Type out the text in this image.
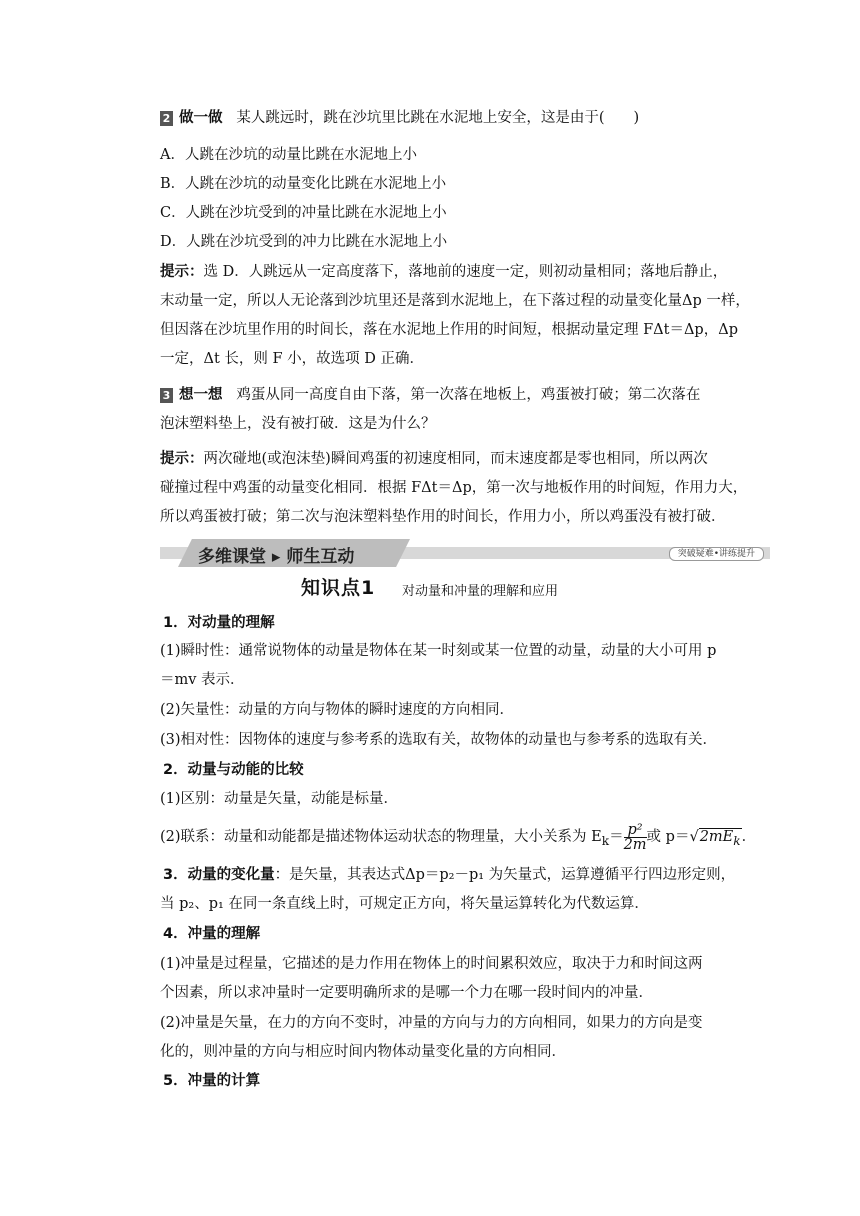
2 做一做 某人跳远时，跳在沙坑里比跳在水泥地上安全，这是由于(　　)
A．人跳在沙坑的动量比跳在水泥地上小
B．人跳在沙坑的动量变化比跳在水泥地上小
C．人跳在沙坑受到的冲量比跳在水泥地上小
D．人跳在沙坑受到的冲力比跳在水泥地上小
提示：选 D．人跳远从一定高度落下，落地前的速度一定，则初动量相同；落地后静止，
末动量一定，所以人无论落到沙坑里还是落到水泥地上，在下落过程的动量变化量Δp 一样，
但因落在沙坑里作用的时间长，落在水泥地上作用的时间短，根据动量定理 FΔt＝Δp，Δp
一定，Δt 长，则 F 小，故选项 D 正确．
3 想一想 鸡蛋从同一高度自由下落，第一次落在地板上，鸡蛋被打破；第二次落在
泡沫塑料垫上，没有被打破．这是为什么？
提示：两次碰地(或泡沫垫)瞬间鸡蛋的初速度相同，而末速度都是零也相同，所以两次
碰撞过程中鸡蛋的动量变化相同．根据 FΔt＝Δp，第一次与地板作用的时间短，作用力大，
所以鸡蛋被打破；第二次与泡沫塑料垫作用的时间长，作用力小，所以鸡蛋没有被打破．
多维课堂 ▸ 师生互动	突破疑难•讲练提升
知识点1 对动量和冲量的理解和应用
1．对动量的理解
(1)瞬时性：通常说物体的动量是物体在某一时刻或某一位置的动量，动量的大小可用 p
＝mv 表示．
(2)矢量性：动量的方向与物体的瞬时速度的方向相同．
(3)相对性：因物体的速度与参考系的选取有关，故物体的动量也与参考系的选取有关．
2．动量与动能的比较
(1)区别：动量是矢量，动能是标量．
(2)联系：动量和动能都是描述物体运动状态的物理量，大小关系为 $E_k= \frac{\text{p²}}{2m}$ 或 $p=√2mE_k$．
3．动量的变化量：是矢量，其表达式Δp＝p₂－p₁ 为矢量式，运算遵循平行四边形定则，
当 p₂、p₁ 在同一条直线上时，可规定正方向，将矢量运算转化为代数运算．
4．冲量的理解
(1)冲量是过程量，它描述的是力作用在物体上的时间累积效应，取决于力和时间这两
个因素，所以求冲量时一定要明确所求的是哪一个力在哪一段时间内的冲量．
(2)冲量是矢量，在力的方向不变时，冲量的方向与力的方向相同，如果力的方向是变
化的，则冲量的方向与相应时间内物体动量变化量的方向相同．
5．冲量的计算
